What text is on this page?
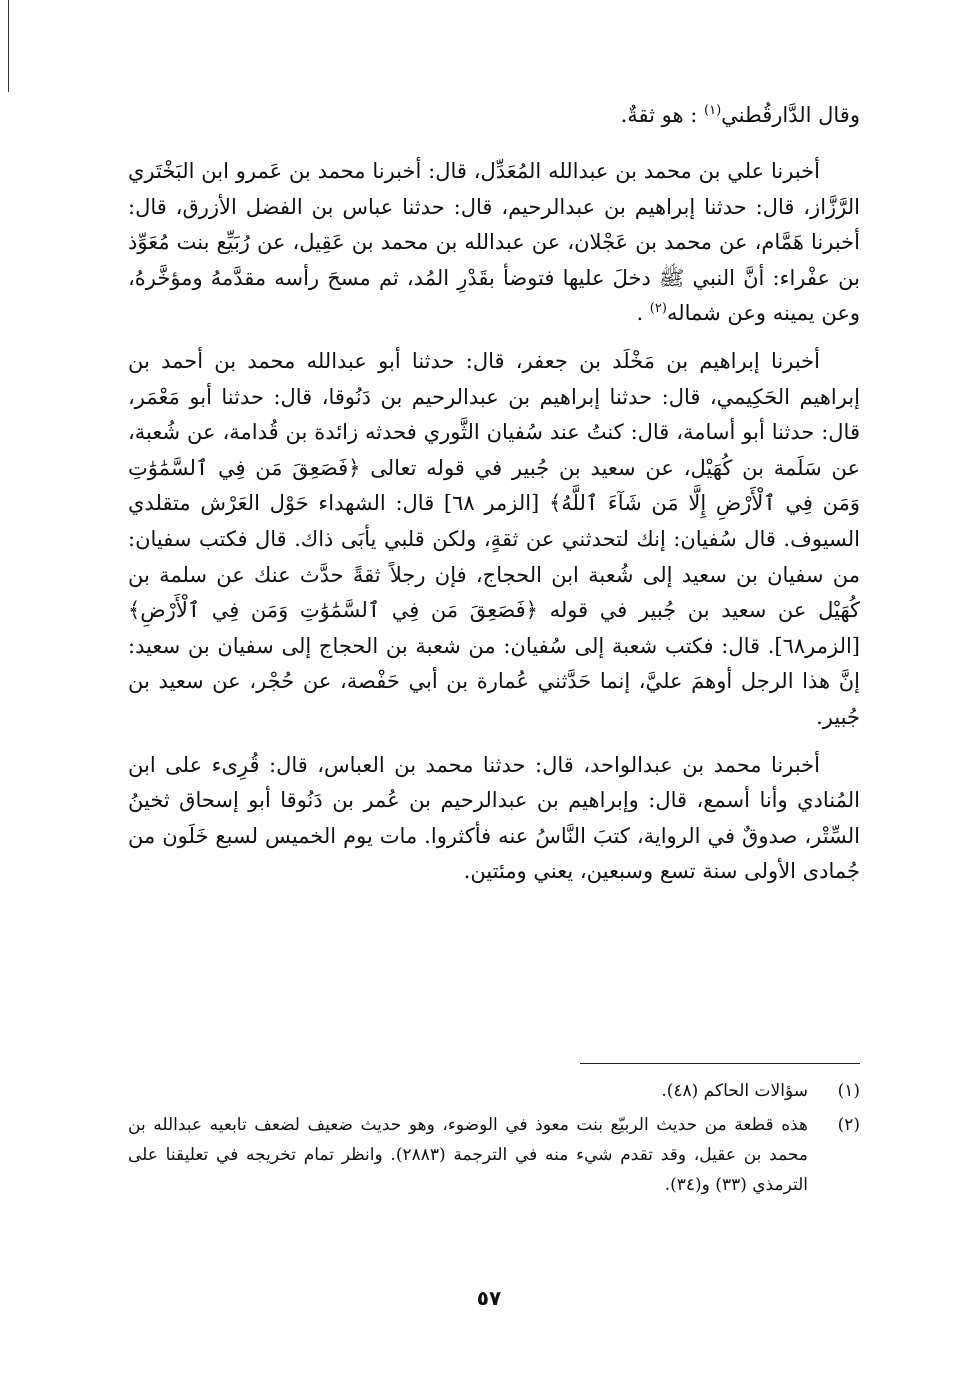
وقال الدَّارقُطني$^{(١)}$ : هو ثقةٌ.

أخبرنا علي بن محمد بن عبدالله المُعَدِّل، قال: أخبرنا محمد بن عَمرو ابن البَخْتَري الرَّزَّاز، قال: حدثنا إبراهيم بن عبدالرحيم، قال: حدثنا عباس بن الفضل الأزرق، قال: أخبرنا هَمَّام، عن محمد بن عَجْلان، عن عبدالله بن محمد بن عَقِيل، عن رُبَيِّع بنت مُعَوِّذ بن عفْراء: أنَّ النبي ﷺ دخلَ عليها فتوضأ بقَدْرِ المُد، ثم مسحَ رأسه مقدَّمهُ ومؤخَّرهُ، وعن يمينه وعن شماله$^{(٢)}$ .

أخبرنا إبراهيم بن مَخْلَد بن جعفر، قال: حدثنا أبو عبدالله محمد بن أحمد بن إبراهيم الحَكِيمي، قال: حدثنا إبراهيم بن عبدالرحيم بن دَنُوقا، قال: حدثنا أبو مَعْمَر، قال: حدثنا أبو أسامة، قال: كنتُ عند سُفيان الثَّوري فحدثه زائدة بن قُدامة، عن شُعبة، عن سَلَمة بن كُهَيْل، عن سعيد بن جُبير في قوله تعالى ﴿فَصَعِقَ مَن فِي ٱلسَّمَٰوَٰتِ وَمَن فِي ٱلْأَرْضِ إِلَّا مَن شَآءَ ٱللَّهُ﴾ [الزمر ٦٨] قال: الشهداء حَوْل العَرْش متقلدي السيوف. قال سُفيان: إنك لتحدثني عن ثقةٍ، ولكن قلبي يأبَى ذاك. قال فكتب سفيان: من سفيان بن سعيد إلى شُعبة ابن الحجاج، فإن رجلاً ثقةً حدَّث عنك عن سلمة بن كُهَيْل عن سعيد بن جُبير في قوله ﴿فَصَعِقَ مَن فِي ٱلسَّمَٰوَٰتِ وَمَن فِي ٱلْأَرْضِ﴾ [الزمر٦٨]. قال: فكتب شعبة إلى سُفيان: من شعبة بن الحجاج إلى سفيان بن سعيد: إنَّ هذا الرجل أوهمَ عليَّ، إنما حَدَّثني عُمارة بن أبي حَفْصة، عن حُجْر، عن سعيد بن جُبير.

أخبرنا محمد بن عبدالواحد، قال: حدثنا محمد بن العباس، قال: قُرِىء على ابن المُنادي وأنا أسمع، قال: وإبراهيم بن عبدالرحيم بن عُمر بن دَنُوقا أبو إسحاق ثخينُ السِّتْر، صدوقٌ في الرواية، كتبَ النَّاسُ عنه فأكثروا. مات يوم الخميس لسبع خَلَون من جُمادى الأولى سنة تسع وسبعين، يعني ومئتين.

(١)
سؤالات الحاكم (٤٨).
(٢)
هذه قطعة من حديث الربيّع بنت معوذ في الوضوء، وهو حديث ضعيف لضعف تابعيه عبدالله بن محمد بن عقيل، وقد تقدم شيء منه في الترجمة (٢٨٨٣). وانظر تمام تخريجه في تعليقنا على الترمذي (٣٣) و(٣٤).
٥٧
